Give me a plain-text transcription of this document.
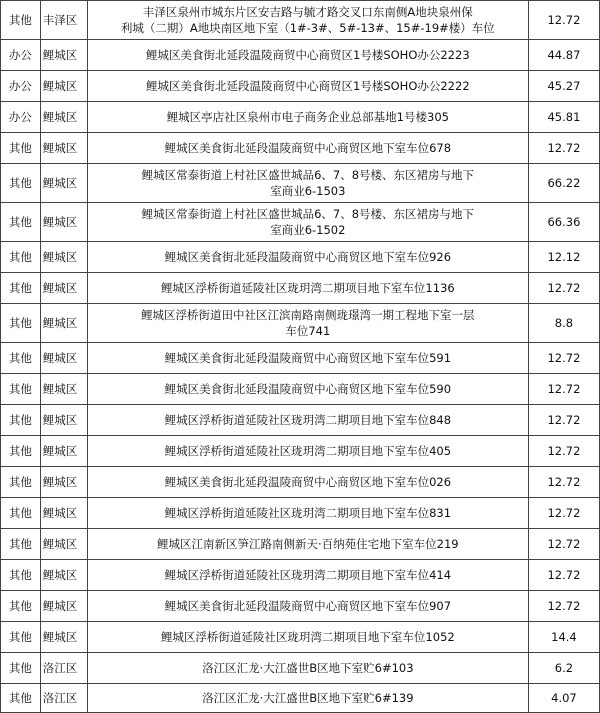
其他	丰泽区	丰泽区泉州市城东片区安吉路与毓才路交叉口东南侧A地块泉州保
利城（二期）A地块南区地下室（1#-3#、5#-13#、15#-19#楼）车位	12.72
办公	鲤城区	鲤城区美食街北延段温陵商贸中心商贸区1号楼SOHO办公2223	44.87
办公	鲤城区	鲤城区美食街北延段温陵商贸中心商贸区1号楼SOHO办公2222	45.27
办公	鲤城区	鲤城区亭店社区泉州市电子商务企业总部基地1号楼305	45.81
其他	鲤城区	鲤城区美食街北延段温陵商贸中心商贸区地下室车位678	12.72
其他	鲤城区	鲤城区常泰街道上村社区盛世城品6、7、8号楼、东区裙房与地下
室商业6-1503	66.22
其他	鲤城区	鲤城区常泰街道上村社区盛世城品6、7、8号楼、东区裙房与地下
室商业6-1502	66.36
其他	鲤城区	鲤城区美食街北延段温陵商贸中心商贸区地下室车位926	12.12
其他	鲤城区	鲤城区浮桥街道延陵社区珑玥湾二期项目地下室车位1136	12.72
其他	鲤城区	鲤城区浮桥街道田中社区江滨南路南侧珑璟湾一期工程地下室一层
车位741	8.8
其他	鲤城区	鲤城区美食街北延段温陵商贸中心商贸区地下室车位591	12.72
其他	鲤城区	鲤城区美食街北延段温陵商贸中心商贸区地下室车位590	12.72
其他	鲤城区	鲤城区浮桥街道延陵社区珑玥湾二期项目地下室车位848	12.72
其他	鲤城区	鲤城区浮桥街道延陵社区珑玥湾二期项目地下室车位405	12.72
其他	鲤城区	鲤城区美食街北延段温陵商贸中心商贸区地下室车位026	12.72
其他	鲤城区	鲤城区浮桥街道延陵社区珑玥湾二期项目地下室车位831	12.72
其他	鲤城区	鲤城区江南新区笋江路南侧新天·百纳苑住宅地下室车位219	12.72
其他	鲤城区	鲤城区浮桥街道延陵社区珑玥湾二期项目地下室车位414	12.72
其他	鲤城区	鲤城区美食街北延段温陵商贸中心商贸区地下室车位907	12.72
其他	鲤城区	鲤城区浮桥街道延陵社区珑玥湾二期项目地下室车位1052	14.4
其他	洛江区	洛江区汇龙·大江盛世B区地下室贮6#103	6.2
其他	洛江区	洛江区汇龙·大江盛世B区地下室贮6#139	4.07
